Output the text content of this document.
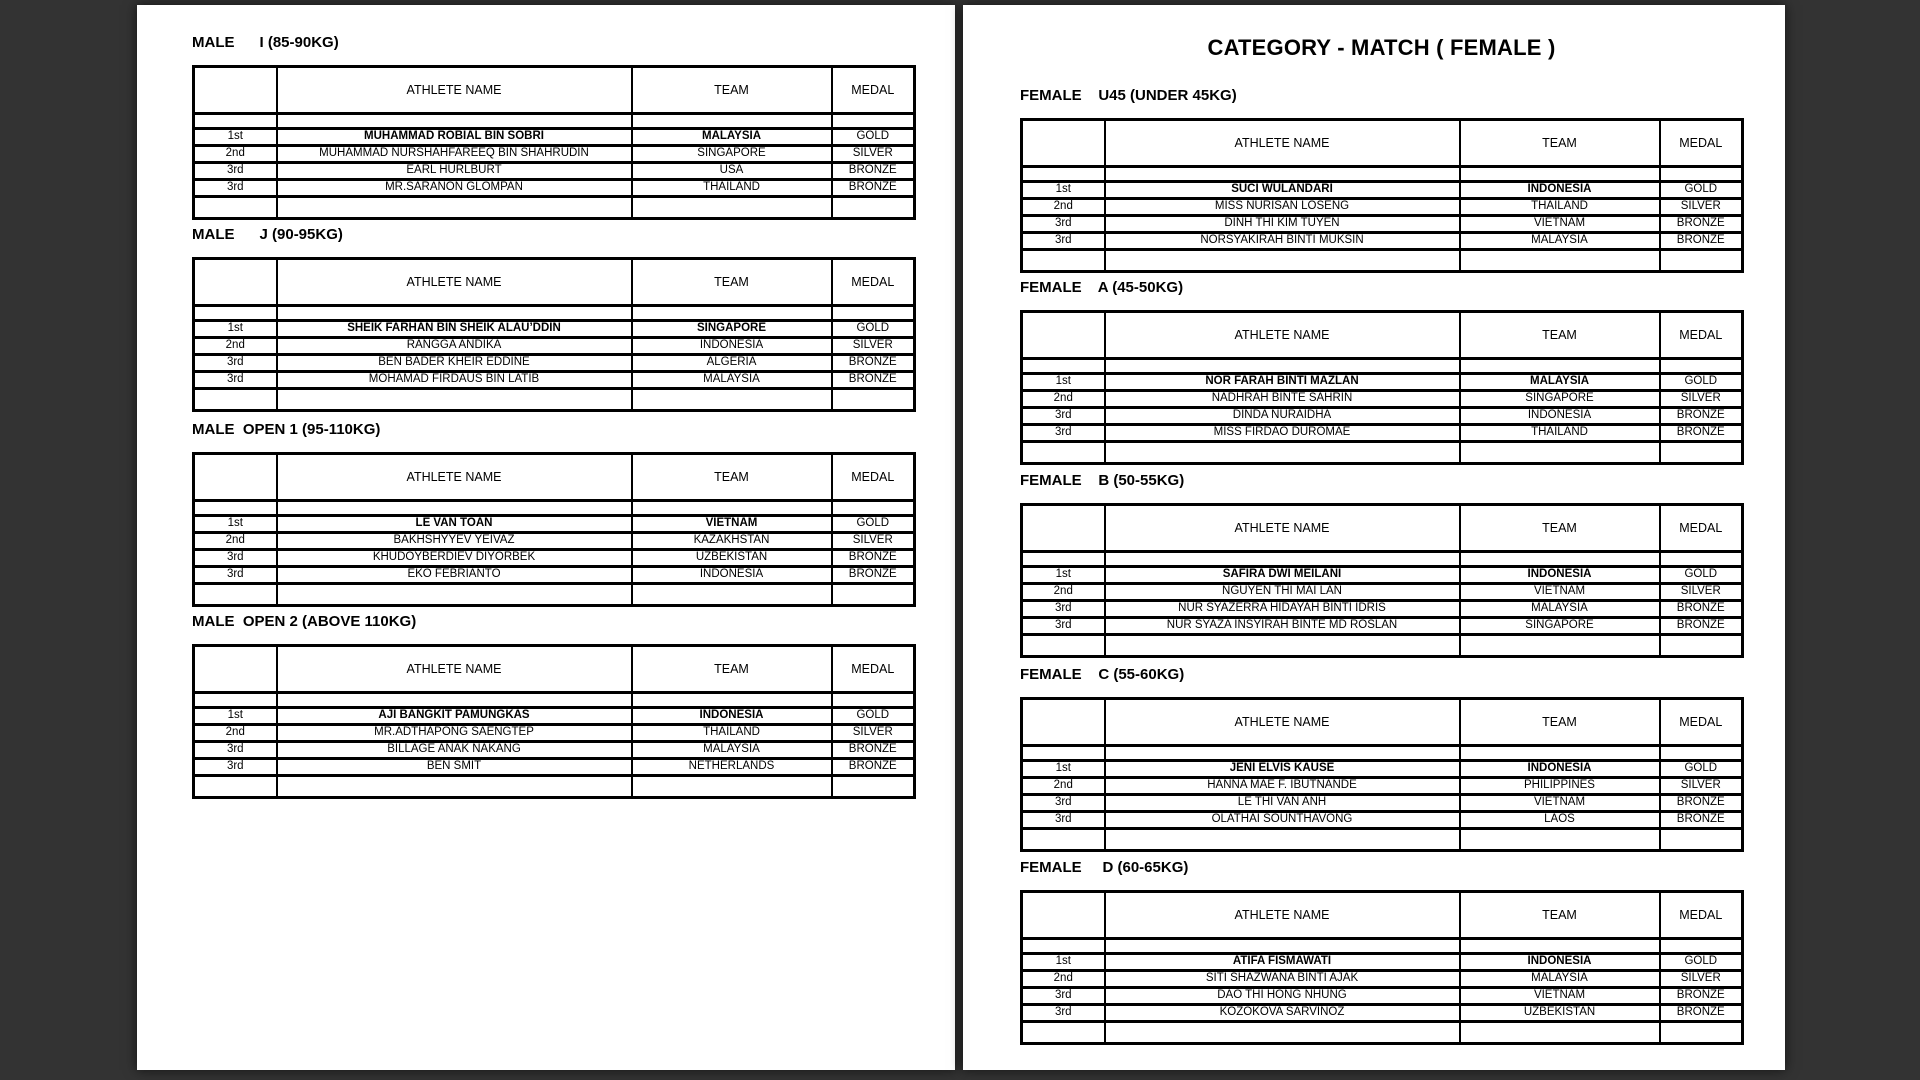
MALE      I (85-90KG)
	ATHLETE NAME	TEAM	MEDAL

1st	MUHAMMAD ROBIAL BIN SOBRI	MALAYSIA	GOLD
2nd	MUHAMMAD NURSHAHFAREEQ BIN SHAHRUDIN	SINGAPORE	SILVER
3rd	EARL HURLBURT	USA	BRONZE
3rd	MR.SARANON GLOMPAN	THAILAND	BRONZE

MALE      J (90-95KG)
	ATHLETE NAME	TEAM	MEDAL

1st	SHEIK FARHAN BIN SHEIK ALAU’DDIN	SINGAPORE	GOLD
2nd	RANGGA ANDIKA	INDONESIA	SILVER
3rd	BEN BADER KHEIR EDDINE	ALGERIA	BRONZE
3rd	MOHAMAD FIRDAUS BIN LATIB	MALAYSIA	BRONZE

MALE  OPEN 1 (95-110KG)
	ATHLETE NAME	TEAM	MEDAL

1st	LE VAN TOAN	VIETNAM	GOLD
2nd	BAKHSHYYEV YEIVAZ	KAZAKHSTAN	SILVER
3rd	KHUDOYBERDIEV DIYORBEK	UZBEKISTAN	BRONZE
3rd	EKO FEBRIANTO	INDONESIA	BRONZE

MALE  OPEN 2 (ABOVE 110KG)
	ATHLETE NAME	TEAM	MEDAL

1st	AJI BANGKIT PAMUNGKAS	INDONESIA	GOLD
2nd	MR.ADTHAPONG SAENGTEP	THAILAND	SILVER
3rd	BILLAGE ANAK NAKANG	MALAYSIA	BRONZE
3rd	BEN SMIT	NETHERLANDS	BRONZE

CATEGORY - MATCH ( FEMALE )
FEMALE    U45 (UNDER 45KG)
	ATHLETE NAME	TEAM	MEDAL

1st	SUCI WULANDARI	INDONESIA	GOLD
2nd	MISS NURISAN LOSENG	THAILAND	SILVER
3rd	DINH THI KIM TUYEN	VIETNAM	BRONZE
3rd	NORSYAKIRAH BINTI MUKSIN	MALAYSIA	BRONZE

FEMALE    A (45-50KG)
	ATHLETE NAME	TEAM	MEDAL

1st	NOR FARAH BINTI MAZLAN	MALAYSIA	GOLD
2nd	NADHRAH BINTE SAHRIN	SINGAPORE	SILVER
3rd	DINDA NURAIDHA	INDONESIA	BRONZE
3rd	MISS FIRDAO DUROMAE	THAILAND	BRONZE

FEMALE    B (50-55KG)
	ATHLETE NAME	TEAM	MEDAL

1st	SAFIRA DWI MEILANI	INDONESIA	GOLD
2nd	NGUYEN THI MAI LAN	VIETNAM	SILVER
3rd	NUR SYAZERRA HIDAYAH BINTI IDRIS	MALAYSIA	BRONZE
3rd	NUR SYAZA INSYIRAH BINTE MD ROSLAN	SINGAPORE	BRONZE

FEMALE    C (55-60KG)
	ATHLETE NAME	TEAM	MEDAL

1st	JENI ELVIS KAUSE	INDONESIA	GOLD
2nd	HANNA MAE F. IBUTNANDE	PHILIPPINES	SILVER
3rd	LE THI VAN ANH	VIETNAM	BRONZE
3rd	OLATHAI SOUNTHAVONG	LAOS	BRONZE

FEMALE     D (60-65KG)
	ATHLETE NAME	TEAM	MEDAL

1st	ATIFA FISMAWATI	INDONESIA	GOLD
2nd	SITI SHAZWANA BINTI AJAK	MALAYSIA	SILVER
3rd	DAO THI HONG NHUNG	VIETNAM	BRONZE
3rd	KOZOKOVA SARVINOZ	UZBEKISTAN	BRONZE
